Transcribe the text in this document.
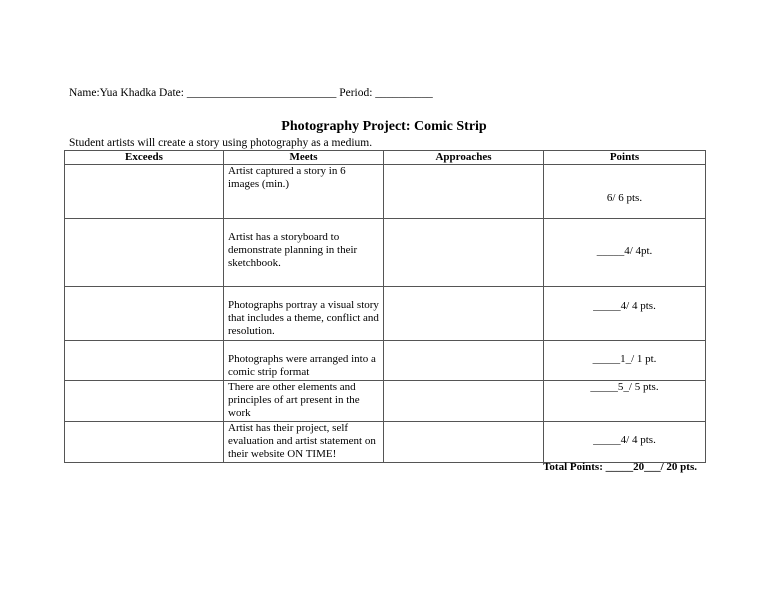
Name:Yua Khadka Date: __________________________ Period: __________
Photography Project: Comic Strip
Student artists will create a story using photography as a medium.
Exceeds	Meets	Approaches	Points

	Artist captured a story in 6 images (min.)		6/ 6 pts.

	Artist has a storyboard to demonstrate planning in their sketchbook.		_____4/ 4pt.

	Photographs portray a visual story that includes a theme, conflict and resolution.		_____4/ 4 pts.

	Photographs were arranged into a comic strip format		_____1_/ 1 pt.

	There are other elements and principles of art present in the work		_____5_/ 5 pts.

	Artist has their project, self evaluation and artist statement on their website ON TIME!		_____4/ 4 pts.
Total Points: _____20___/ 20 pts.
